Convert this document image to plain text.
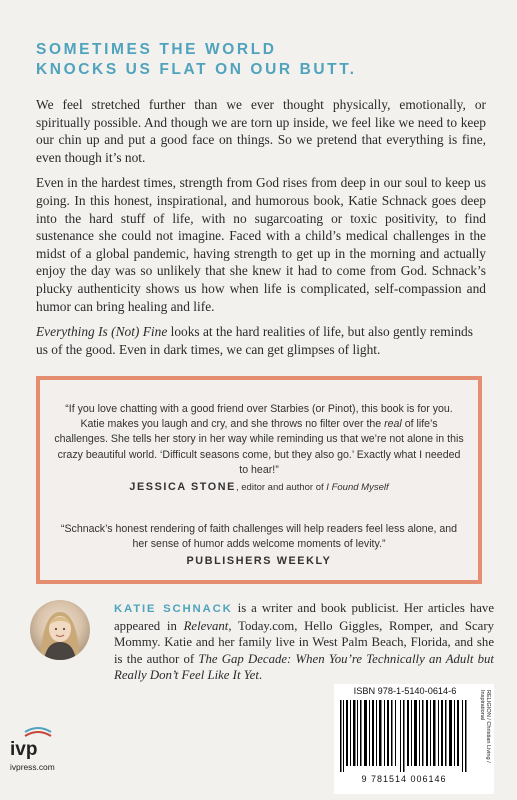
SOMETIMES THE WORLD
KNOCKS US FLAT ON OUR BUTT.

We feel stretched further than we ever thought physically, emotionally, or spiritually possible. And though we are torn up inside, we feel like we need to keep our chin up and put a good face on things. So we pretend that everything is fine, even though it’s not.

Even in the hardest times, strength from God rises from deep in our soul to keep us going. In this honest, inspirational, and humorous book, Katie Schnack goes deep into the hard stuff of life, with no sugarcoating or toxic positivity, to find sustenance she could not imagine. Faced with a child’s medical challenges in the midst of a global pandemic, having strength to get up in the morning and actually enjoy the day was so unlikely that she knew it had to come from God. Schnack’s plucky authenticity shows us how when life is complicated, self-compassion and humor can bring healing and life.

Everything Is (Not) Fine looks at the hard realities of life, but also gently reminds us of the good. Even in dark times, we can get glimpses of light.

“If you love chatting with a good friend over Starbies (or Pinot), this book is for you. Katie makes you laugh and cry, and she throws no filter over the real of life’s challenges. She tells her story in her way while reminding us that we’re not alone in this crazy beautiful world. ‘Difficult seasons come, but they also go.’ Exactly what I needed to hear!”
JESSICA STONE, editor and author of I Found Myself
“Schnack’s honest rendering of faith challenges will help readers feel less alone, and her sense of humor adds welcome moments of levity.”
PUBLISHERS WEEKLY
KATIE SCHNACK is a writer and book publicist. Her articles have appeared in Relevant, Today.com, Hello Giggles, Romper, and Scary Mommy. Katie and her family live in West Palm Beach, Florida, and she is the author of The Gap Decade: When You’re Technically an Adult but Really Don’t Feel Like It Yet.
ivp
ivpress.com
ISBN 978-1-5140-0614-6
9 781514 006146
RELIGION / Christian Living / Inspirational
